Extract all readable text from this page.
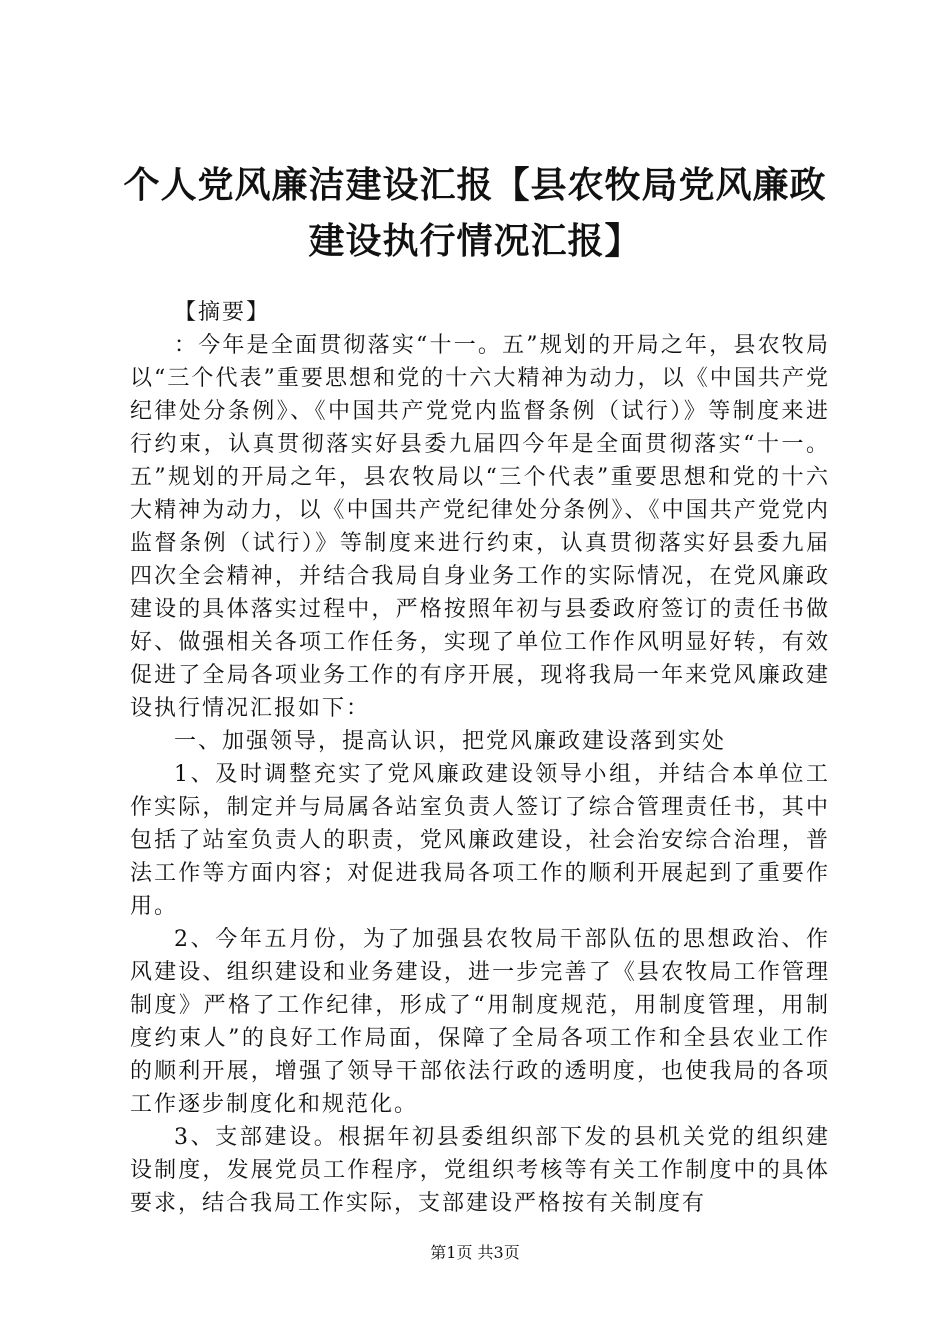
个人党风廉洁建设汇报【县农牧局党风廉政建设执行情况汇报】

【摘要】

：今年是全面贯彻落实“十一。五”规划的开局之年，县农牧局以“三个代表”重要思想和党的十六大精神为动力，以《中国共产党纪律处分条例》、《中国共产党党内监督条例（试行）》等制度来进行约束，认真贯彻落实好县委九届四今年是全面贯彻落实“十一。五”规划的开局之年，县农牧局以“三个代表”重要思想和党的十六大精神为动力，以《中国共产党纪律处分条例》、《中国共产党党内监督条例（试行）》等制度来进行约束，认真贯彻落实好县委九届四次全会精神，并结合我局自身业务工作的实际情况，在党风廉政建设的具体落实过程中，严格按照年初与县委政府签订的责任书做好、做强相关各项工作任务，实现了单位工作作风明显好转，有效促进了全局各项业务工作的有序开展，现将我局一年来党风廉政建设执行情况汇报如下：

一、加强领导，提高认识，把党风廉政建设落到实处

1、及时调整充实了党风廉政建设领导小组，并结合本单位工作实际，制定并与局属各站室负责人签订了综合管理责任书，其中包括了站室负责人的职责，党风廉政建设，社会治安综合治理，普法工作等方面内容；对促进我局各项工作的顺利开展起到了重要作用。

2、今年五月份，为了加强县农牧局干部队伍的思想政治、作风建设、组织建设和业务建设，进一步完善了《县农牧局工作管理制度》严格了工作纪律，形成了“用制度规范，用制度管理，用制度约束人”的良好工作局面，保障了全局各项工作和全县农业工作的顺利开展，增强了领导干部依法行政的透明度，也使我局的各项工作逐步制度化和规范化。

3、支部建设。根据年初县委组织部下发的县机关党的组织建设制度，发展党员工作程序，党组织考核等有关工作制度中的具体要求，结合我局工作实际，支部建设严格按有关制度有

第1页 共3页
